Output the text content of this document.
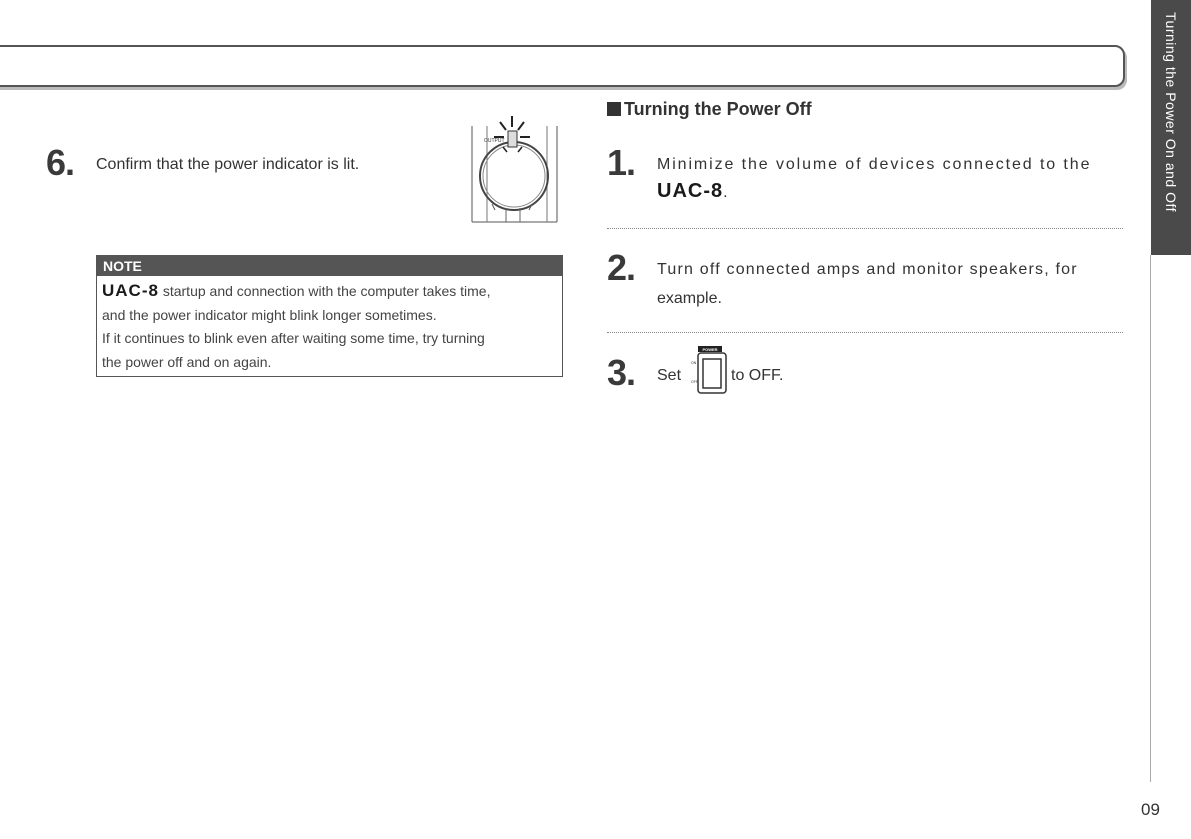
Turning the Power On and Off
6. Confirm that the power indicator is lit.
OUTPUT
NOTE
UAC-8 startup and connection with the computer takes time,
and the power indicator might blink longer sometimes.
If it continues to blink even after waiting some time, try turning
the power off and on again.
Turning the Power Off
1. Minimize the volume of devices connected to the
UAC-8.
2. Turn off connected amps and monitor speakers, for
example.
3. Set
POWER
ON
OFF to OFF.
09
